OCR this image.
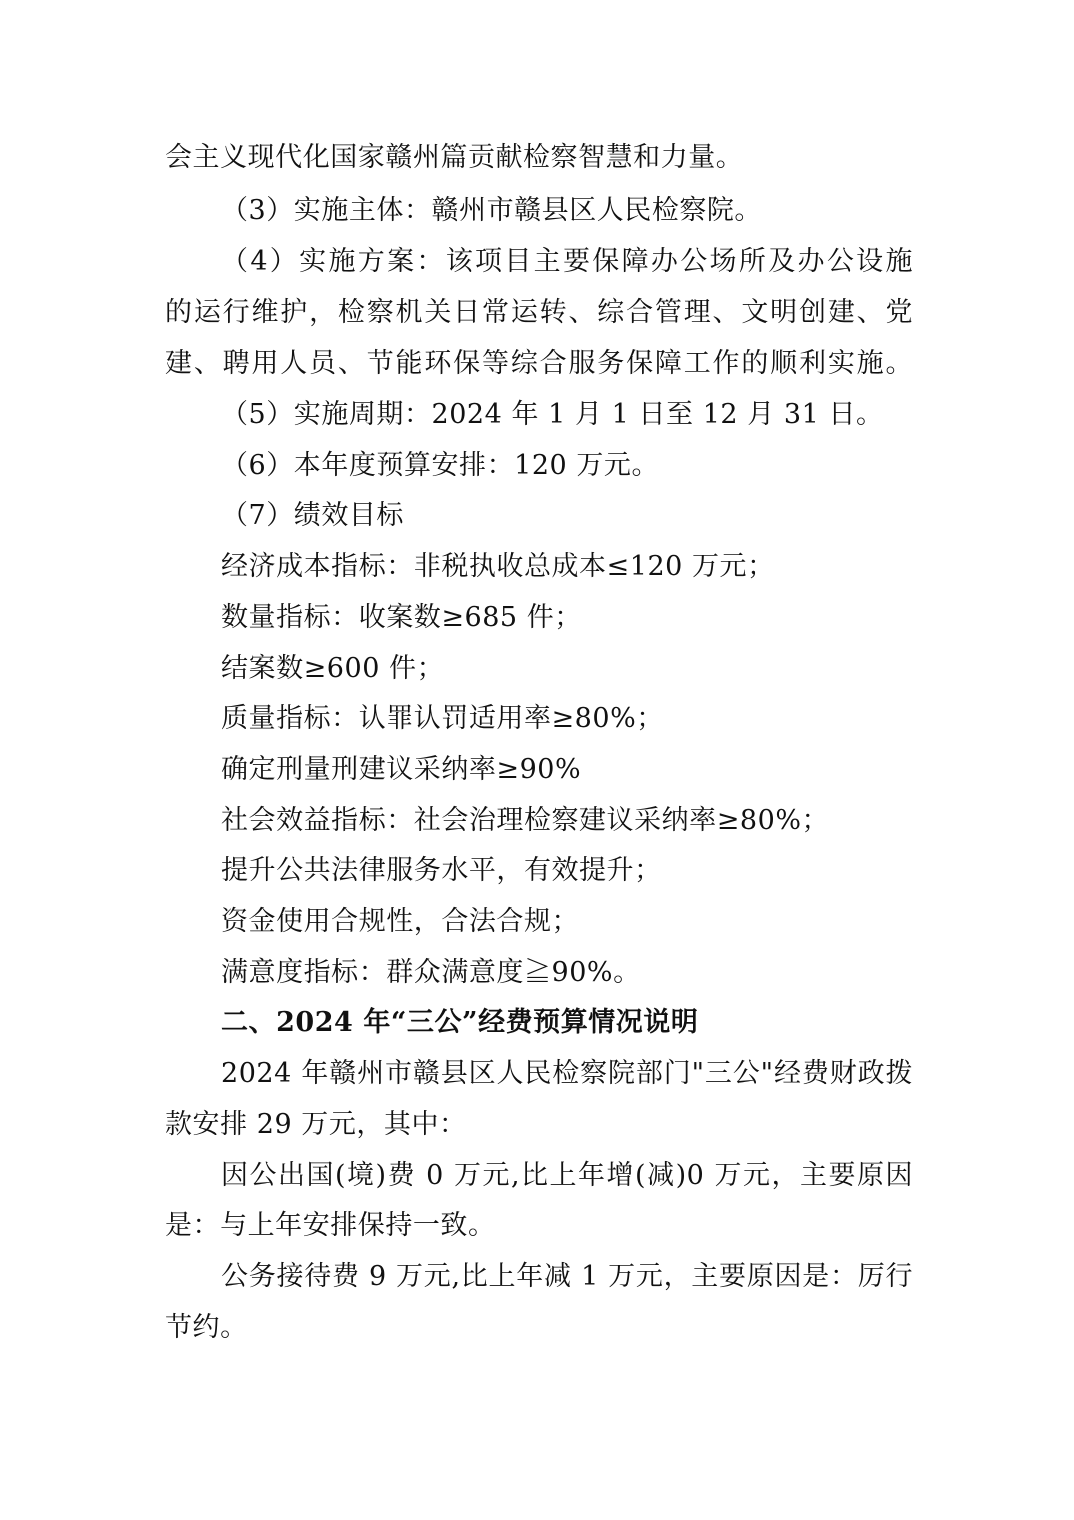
会主义现代化国家赣州篇贡献检察智慧和力量。
（3）实施主体：赣州市赣县区人民检察院。
（4）实施方案：该项目主要保障办公场所及办公设施
的运行维护，检察机关日常运转、综合管理、文明创建、党
建、聘用人员、节能环保等综合服务保障工作的顺利实施。
（5）实施周期：2024 年 1 月 1 日至 12 月 31 日。
（6）本年度预算安排：120 万元。
（7）绩效目标
经济成本指标：非税执收总成本≤120 万元；
数量指标：收案数≥685 件；
结案数≥600 件；
质量指标：认罪认罚适用率≥80%；
确定刑量刑建议采纳率≥90%
社会效益指标：社会治理检察建议采纳率≥80%；
提升公共法律服务水平，有效提升；
资金使用合规性，合法合规；
满意度指标：群众满意度≧90%。
二、2024 年“三公”经费预算情况说明
2024 年赣州市赣县区人民检察院部门"三公"经费财政拨
款安排 29 万元，其中：
因公出国(境)费 0 万元,比上年增(减)0 万元，主要原因
是：与上年安排保持一致。
公务接待费 9 万元,比上年减 1 万元，主要原因是：厉行
节约。
